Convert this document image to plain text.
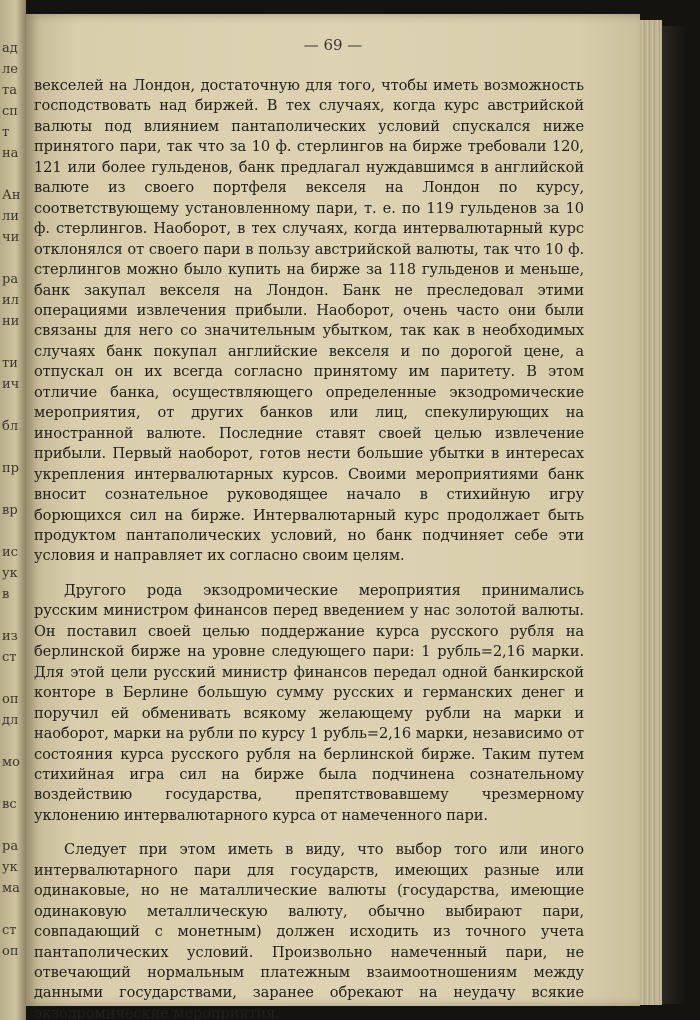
ад
ле
та
сп
т
на
Ан
ли
чи
ра
ил
ни
ти
ич
бл
пр
вр
ис
ук
в
из
ст
оп
дл
мо
вс
ра
ук
ма
ст
оп
— 69 —

векселей на Лондон, достаточную для того, чтобы иметь возможность господствовать над биржей. В тех случаях, когда курс австрийской валюты под влиянием пантаполических условий спускался ниже принятого пари, так что за 10 ф. стерлингов на бирже требовали 120, 121 или более гульденов, банк предлагал нуждавшимся в английской валюте из своего портфеля векселя на Лондон по курсу, соответствующему установленному пари, т. е. по 119 гульденов за 10 ф. стерлингов. Наоборот, в тех случаях, когда интервалютарный курс отклонялся от своего пари в пользу австрийской валюты, так что 10 ф. стерлингов можно было купить на бирже за 118 гульденов и меньше, банк закупал векселя на Лондон. Банк не преследовал этими операциями извлечения прибыли. Наоборот, очень часто они были связаны для него со значительным убытком, так как в необходимых случаях банк покупал английские векселя и по дорогой цене, а отпускал он их всегда согласно принятому им паритету. В этом отличие банка, осуществляющего определенные экзодромические мероприятия, от других банков или лиц, спекулирующих на иностранной валюте. Последние ставят своей целью извлечение прибыли. Первый наоборот, готов нести большие убытки в интересах укрепления интервалютарных курсов. Своими мероприятиями банк вносит сознательное руководящее начало в стихийную игру борющихся сил на бирже. Интервалютарный курс продолжает быть продуктом пантаполических условий, но банк подчиняет себе эти условия и направляет их согласно своим целям.

Другого рода экзодромические мероприятия принимались русским министром финансов перед введением у нас золотой валюты. Он поставил своей целью поддержание курса русского рубля на берлинской бирже на уровне следующего пари: 1 рубль=2,16 марки. Для этой цели русский министр финансов передал одной банкирской конторе в Берлине большую сумму русских и германских денег и поручил ей обменивать всякому желающему рубли на марки и наоборот, марки на рубли по курсу 1 рубль=2,16 марки, независимо от состояния курса русского рубля на берлинской бирже. Таким путем стихийная игра сил на бирже была подчинена сознательному воздействию государства, препятствовавшему чрезмерному уклонению интервалютарного курса от намеченного пари.

Следует при этом иметь в виду, что выбор того или иного интервалютарного пари для государств, имеющих разные или одинаковые, но не маталлические валюты (государства, имеющие одинаковую металлическую валюту, обычно выбирают пари, совпадающий с монетным) должен исходить из точного учета пантаполических условий. Произвольно намеченный пари, не отвечающий нормальным платежным взаимоотношениям между данными государствами, заранее обрекают на неудачу всякие экзодромические мероприятия.
